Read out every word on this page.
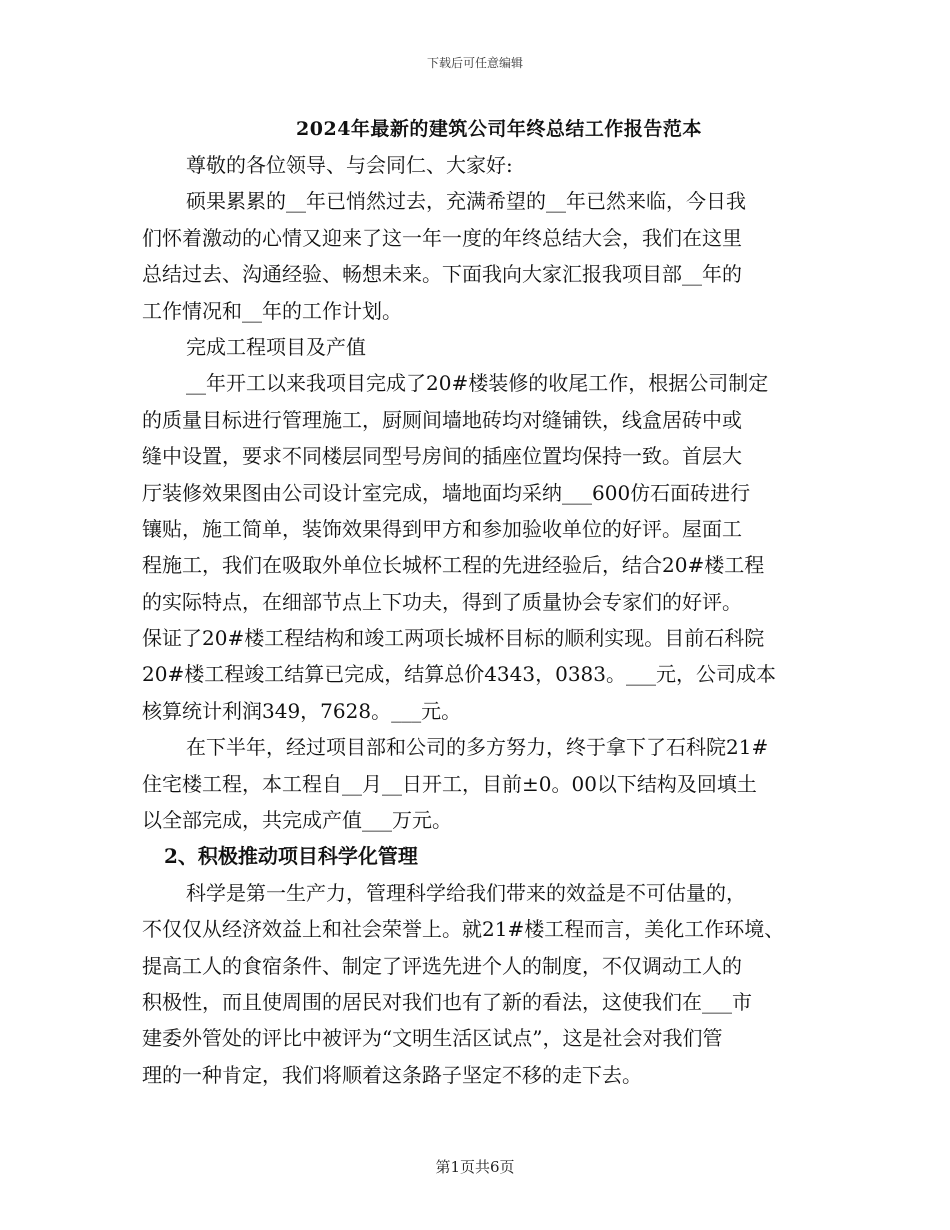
下载后可任意编辑
2024年最新的建筑公司年终总结工作报告范本
尊敬的各位领导、与会同仁、大家好:
硕果累累的__年已悄然过去，充满希望的__年已然来临，今日我
们怀着激动的心情又迎来了这一年一度的年终总结大会，我们在这里
总结过去、沟通经验、畅想未来。下面我向大家汇报我项目部__年的
工作情况和__年的工作计划。
完成工程项目及产值
__年开工以来我项目完成了20#楼装修的收尾工作，根据公司制定
的质量目标进行管理施工，厨厕间墙地砖均对缝铺铁，线盒居砖中或
缝中设置，要求不同楼层同型号房间的插座位置均保持一致。首层大
厅装修效果图由公司设计室完成，墙地面均采纳___600仿石面砖进行
镶贴，施工简单，装饰效果得到甲方和参加验收单位的好评。屋面工
程施工，我们在吸取外单位长城杯工程的先进经验后，结合20#楼工程
的实际特点，在细部节点上下功夫，得到了质量协会专家们的好评。
保证了20#楼工程结构和竣工两项长城杯目标的顺利实现。目前石科院
20#楼工程竣工结算已完成，结算总价4343，0383。___元，公司成本
核算统计利润349，7628。___元。
在下半年，经过项目部和公司的多方努力，终于拿下了石科院21#
住宅楼工程，本工程自__月__日开工，目前±0。00以下结构及回填土
以全部完成，共完成产值___万元。
2、积极推动项目科学化管理
科学是第一生产力，管理科学给我们带来的效益是不可估量的，
不仅仅从经济效益上和社会荣誉上。就21#楼工程而言，美化工作环境、
提高工人的食宿条件、制定了评选先进个人的制度，不仅调动工人的
积极性，而且使周围的居民对我们也有了新的看法，这使我们在___市
建委外管处的评比中被评为“文明生活区试点”，这是社会对我们管
理的一种肯定，我们将顺着这条路子坚定不移的走下去。
第1页共6页
